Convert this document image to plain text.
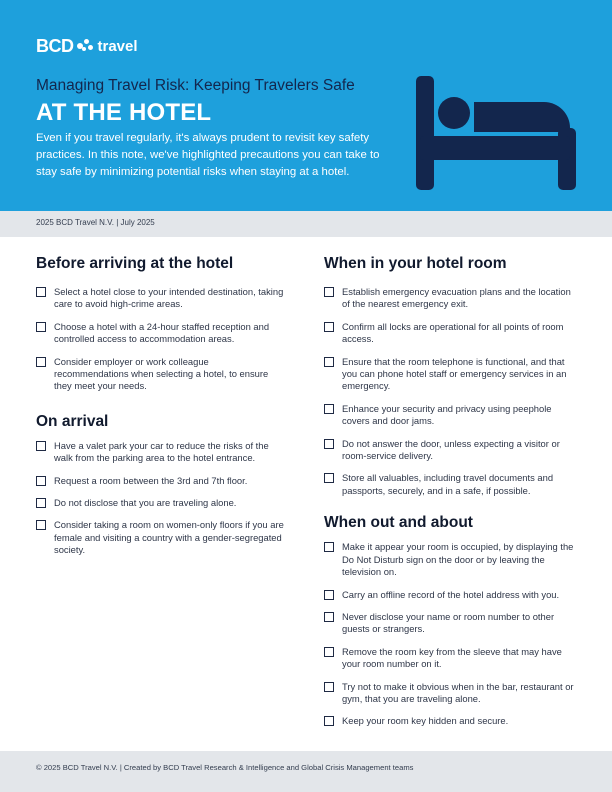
BCD travel
Managing Travel Risk: Keeping Travelers Safe
AT THE HOTEL
Even if you travel regularly, it's always prudent to revisit key safety practices. In this note, we've highlighted precautions you can take to stay safe by minimizing potential risks when staying at a hotel.
2025 BCD Travel N.V. | July 2025
Before arriving at the hotel
Select a hotel close to your intended destination, taking care to avoid high-crime areas.
Choose a hotel with a 24-hour staffed reception and controlled access to accommodation areas.
Consider employer or work colleague recommendations when selecting a hotel, to ensure they meet your needs.
On arrival
Have a valet park your car to reduce the risks of the walk from the parking area to the hotel entrance.
Request a room between the 3rd and 7th floor.
Do not disclose that you are traveling alone.
Consider taking a room on women-only floors if you are female and visiting a country with a gender-segregated society.
When in your hotel room
Establish emergency evacuation plans and the location of the nearest emergency exit.
Confirm all locks are operational for all points of room access.
Ensure that the room telephone is functional, and that you can phone hotel staff or emergency services in an emergency.
Enhance your security and privacy using peephole covers and door jams.
Do not answer the door, unless expecting a visitor or room-service delivery.
Store all valuables, including travel documents and passports, securely, and in a safe, if possible.
When out and about
Make it appear your room is occupied, by displaying the Do Not Disturb sign on the door or by leaving the television on.
Carry an offline record of the hotel address with you.
Never disclose your name or room number to other guests or strangers.
Remove the room key from the sleeve that may have your room number on it.
Try not to make it obvious when in the bar, restaurant or gym, that you are traveling alone.
Keep your room key hidden and secure.
© 2025 BCD Travel N.V. | Created by BCD Travel Research & Intelligence and Global Crisis Management teams
